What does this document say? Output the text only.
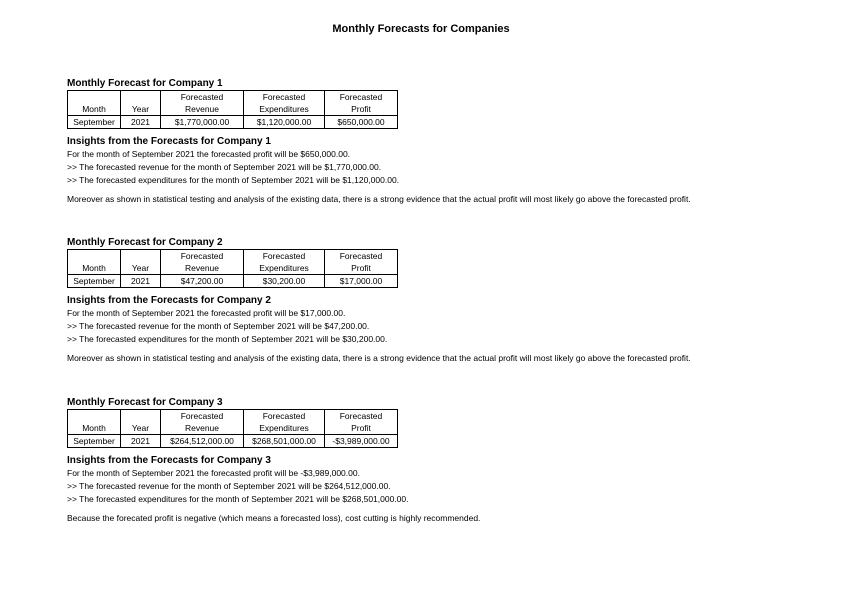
Monthly Forecasts for Companies
Monthly Forecast for Company 1
		Forecasted	Forecasted	Forecasted
Month	Year	Revenue	Expenditures	Profit
September	2021	$1,770,000.00	$1,120,000.00	$650,000.00
Insights from the Forecasts for Company 1
For the month of September 2021 the forecasted profit will be $650,000.00.
>> The forecasted revenue for the month of September 2021 will be $1,770,000.00.
>> The forecasted expenditures for the month of September 2021 will be $1,120,000.00.
Moreover as shown in statistical testing and analysis of the existing data, there is a strong evidence that the actual profit will most likely go above the forecasted profit.
Monthly Forecast for Company 2
		Forecasted	Forecasted	Forecasted
Month	Year	Revenue	Expenditures	Profit
September	2021	$47,200.00	$30,200.00	$17,000.00
Insights from the Forecasts for Company 2
For the month of September 2021 the forecasted profit will be $17,000.00.
>> The forecasted revenue for the month of September 2021 will be $47,200.00.
>> The forecasted expenditures for the month of September 2021 will be $30,200.00.
Moreover as shown in statistical testing and analysis of the existing data, there is a strong evidence that the actual profit will most likely go above the forecasted profit.
Monthly Forecast for Company 3
		Forecasted	Forecasted	Forecasted
Month	Year	Revenue	Expenditures	Profit
September	2021	$264,512,000.00	$268,501,000.00	-$3,989,000.00
Insights from the Forecasts for Company 3
For the month of September 2021 the forecasted profit will be -$3,989,000.00.
>> The forecasted revenue for the month of September 2021 will be $264,512,000.00.
>> The forecasted expenditures for the month of September 2021 will be $268,501,000.00.
Because the forecated profit is negative (which means a forecasted loss), cost cutting is highly recommended.
